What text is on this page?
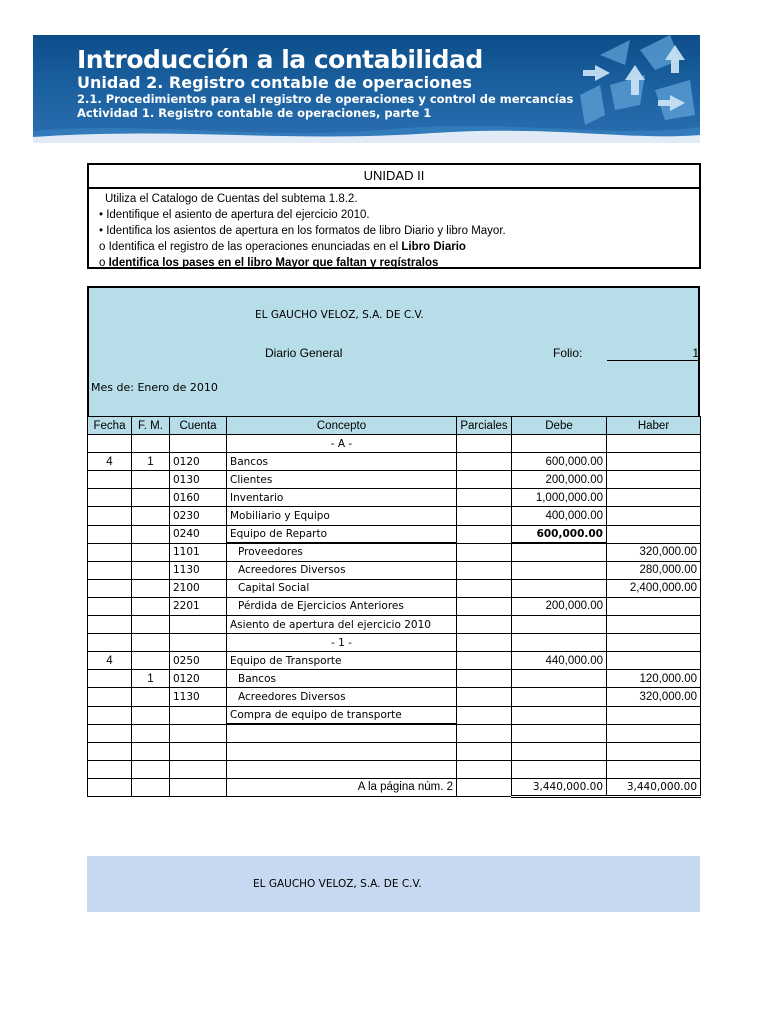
Introducción a la contabilidad
Unidad 2. Registro contable de operaciones
2.1. Procedimientos para el registro de operaciones y control de mercancías
Actividad 1. Registro contable de operaciones, parte 1
UNIDAD II
Utiliza el Catalogo de Cuentas del subtema 1.8.2.
• Identifique el asiento de apertura del ejercicio 2010.
• Identifica los asientos de apertura en los formatos de libro Diario y libro Mayor.
o Identifica el registro de las operaciones enunciadas en el Libro Diario
o Identifica los pases en el libro Mayor que faltan y regístralos
EL GAUCHO VELOZ, S.A. DE C.V.
Diario General	Folio:	1
Mes de: Enero de 2010
Fecha	F. M.	Cuenta	Concepto	Parciales	Debe	Haber
			- A -			
4	1	0120	Bancos		600,000.00	
		0130	Clientes		200,000.00	
		0160	Inventario		1,000,000.00	
		0230	Mobiliario y Equipo		400,000.00	
		0240	Equipo de Reparto		600,000.00	
		1101	Proveedores			320,000.00
		1130	Acreedores Diversos			280,000.00
		2100	Capital Social			2,400,000.00
		2201	Pérdida de Ejercicios Anteriores		200,000.00	
			Asiento de apertura del ejercicio 2010			
			- 1 -			
4		0250	Equipo de Transporte		440,000.00	
	1	0120	Bancos			120,000.00
		1130	Acreedores Diversos			320,000.00
			Compra de equipo de transporte			

			A la página núm. 2		3,440,000.00	3,440,000.00
EL GAUCHO VELOZ, S.A. DE C.V.
